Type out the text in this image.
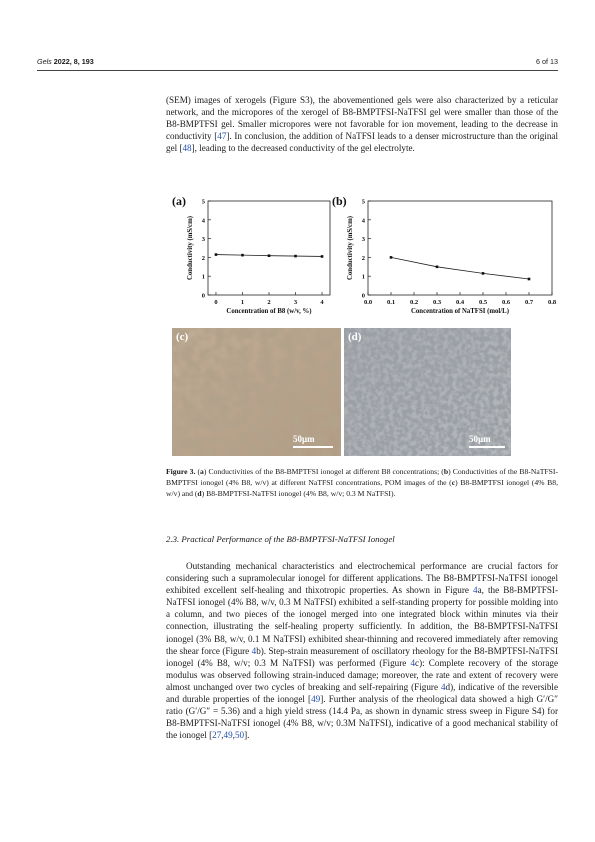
Gels 2022, 8, 193	6 of 13

(SEM) images of xerogels (Figure S3), the abovementioned gels were also characterized by a reticular network, and the micropores of the xerogel of B8-BMPTFSI-NaTFSI gel were smaller than those of the B8-BMPTFSI gel. Smaller micropores were not favorable for ion movement, leading to the decrease in conductivity [47]. In conclusion, the addition of NaTFSI leads to a denser microstructure than the original gel [48], leading to the decreased conductivity of the gel electrolyte.

(a)
0
1
2
3
4
5
0	1	2	3	4
Concentration of B8 (w/v, %)
Conductivity (mS/cm)
(b)
0
1
2
3
4
5
0.0 0.1 0.2 0.3 0.4 0.5 0.6 0.7 0.8
Concentration of NaTFSI (mol/L)
Conductivity (mS/cm)
(c)
50μm
(d)
50μm

Figure 3. (a) Conductivities of the B8-BMPTFSI ionogel at different B8 concentrations; (b) Conductivities of the B8-NaTFSI-BMPTFSI ionogel (4% B8, w/v) at different NaTFSI concentrations, POM images of the (c) B8-BMPTFSI ionogel (4% B8, w/v) and (d) B8-BMPTFSI-NaTFSI ionogel (4% B8, w/v; 0.3 M NaTFSI).

2.3. Practical Performance of the B8-BMPTFSI-NaTFSI Ionogel

Outstanding mechanical characteristics and electrochemical performance are crucial factors for considering such a supramolecular ionogel for different applications. The B8-BMPTFSI-NaTFSI ionogel exhibited excellent self-healing and thixotropic properties. As shown in Figure 4a, the B8-BMPTFSI-NaTFSI ionogel (4% B8, w/v, 0.3 M NaTFSI) exhibited a self-standing property for possible molding into a column, and two pieces of the ionogel merged into one integrated block within minutes via their connection, illustrating the self-healing property sufficiently. In addition, the B8-BMPTFSI-NaTFSI ionogel (3% B8, w/v, 0.1 M NaTFSI) exhibited shear-thinning and recovered immediately after removing the shear force (Figure 4b). Step-strain measurement of oscillatory rheology for the B8-BMPTFSI-NaTFSI ionogel (4% B8, w/v; 0.3 M NaTFSI) was performed (Figure 4c): Complete recovery of the storage modulus was observed following strain-induced damage; moreover, the rate and extent of recovery were almost unchanged over two cycles of breaking and self-repairing (Figure 4d), indicative of the reversible and durable properties of the ionogel [49]. Further analysis of the rheological data showed a high G′/G″ ratio (G′/G″ = 5.36) and a high yield stress (14.4 Pa, as shown in dynamic stress sweep in Figure S4) for B8-BMPTFSI-NaTFSI ionogel (4% B8, w/v; 0.3M NaTFSI), indicative of a good mechanical stability of the ionogel [27,49,50].
